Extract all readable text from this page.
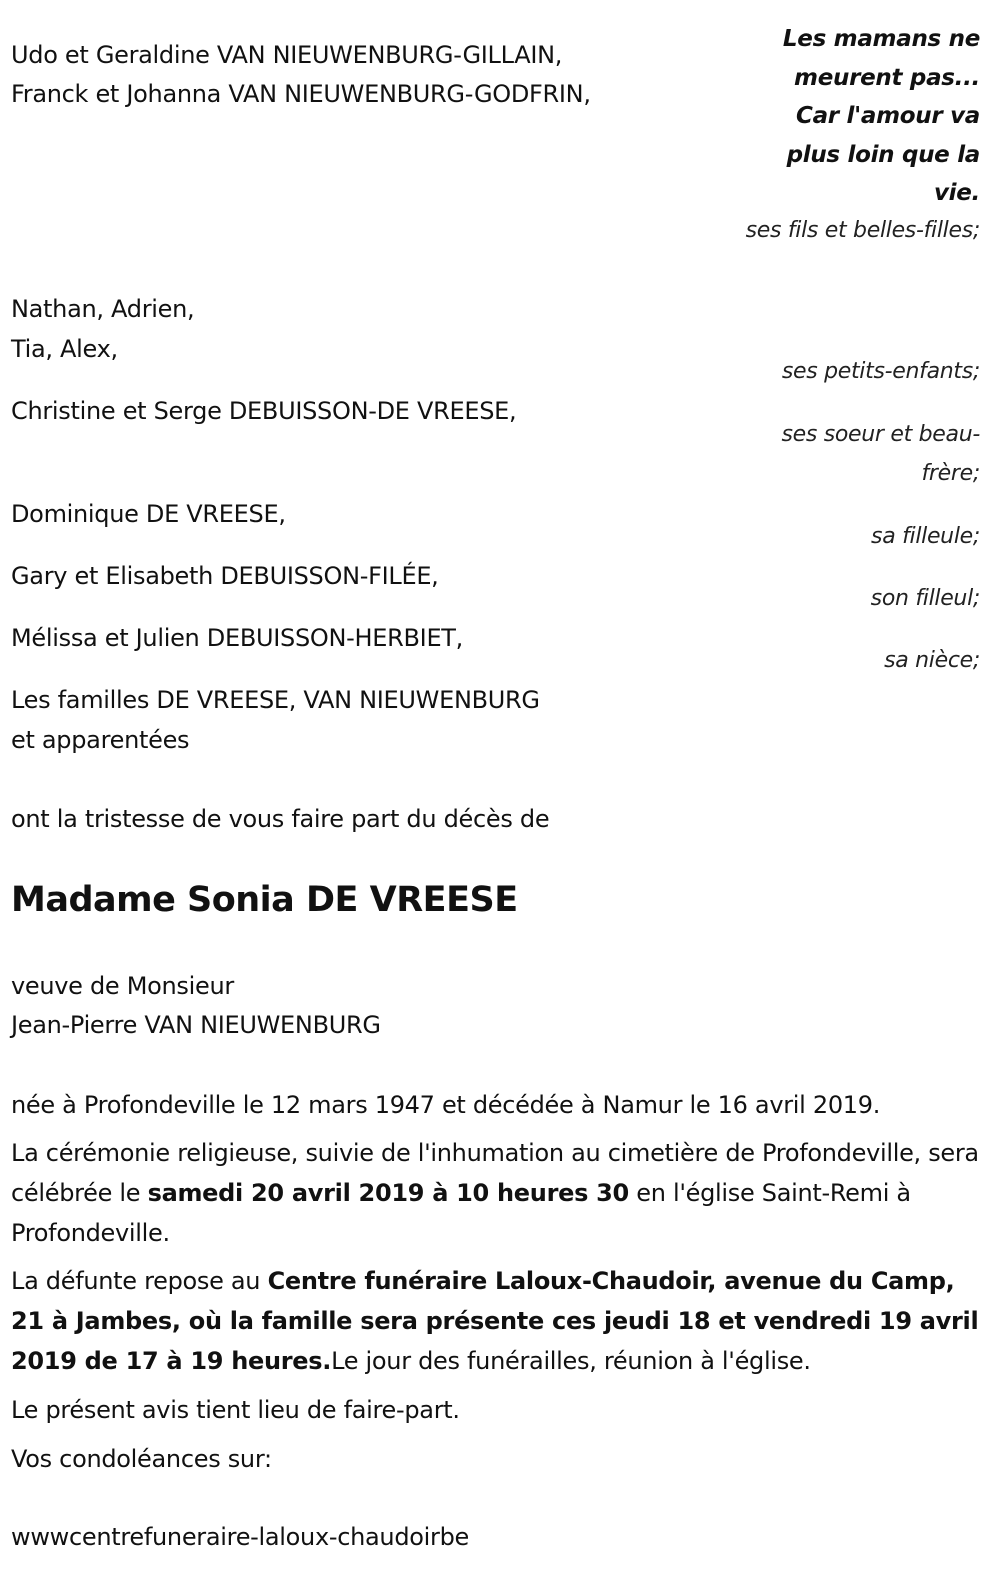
Les mamans ne
meurent pas...
Car l'amour va
plus loin que la
vie.
Udo et Geraldine VAN NIEUWENBURG-GILLAIN,
Franck et Johanna VAN NIEUWENBURG-GODFRIN,
ses fils et belles-filles;
Nathan, Adrien,
Tia, Alex,
ses petits-enfants;
Christine et Serge DEBUISSON-DE VREESE,
ses soeur et beau-frère;
Dominique DE VREESE,
sa filleule;
Gary et Elisabeth DEBUISSON-FILÉE,
son filleul;
Mélissa et Julien DEBUISSON-HERBIET,
sa nièce;
Les familles DE VREESE, VAN NIEUWENBURG
et apparentées
ont la tristesse de vous faire part du décès de
Madame Sonia DE VREESE
veuve de Monsieur
Jean-Pierre VAN NIEUWENBURG
née à Profondeville le 12 mars 1947 et décédée à Namur le 16 avril 2019.
La cérémonie religieuse, suivie de l'inhumation au cimetière de Profondeville, sera célébrée le samedi 20 avril 2019 à 10 heures 30 en l'église Saint-Remi à Profondeville.
La défunte repose au Centre funéraire Laloux-Chaudoir, avenue du Camp, 21 à Jambes, où la famille sera présente ces jeudi 18 et vendredi 19 avril 2019 de 17 à 19 heures.Le jour des funérailles, réunion à l'église.
Le présent avis tient lieu de faire-part.
Vos condoléances sur:
wwwcentrefuneraire-laloux-chaudoirbe
